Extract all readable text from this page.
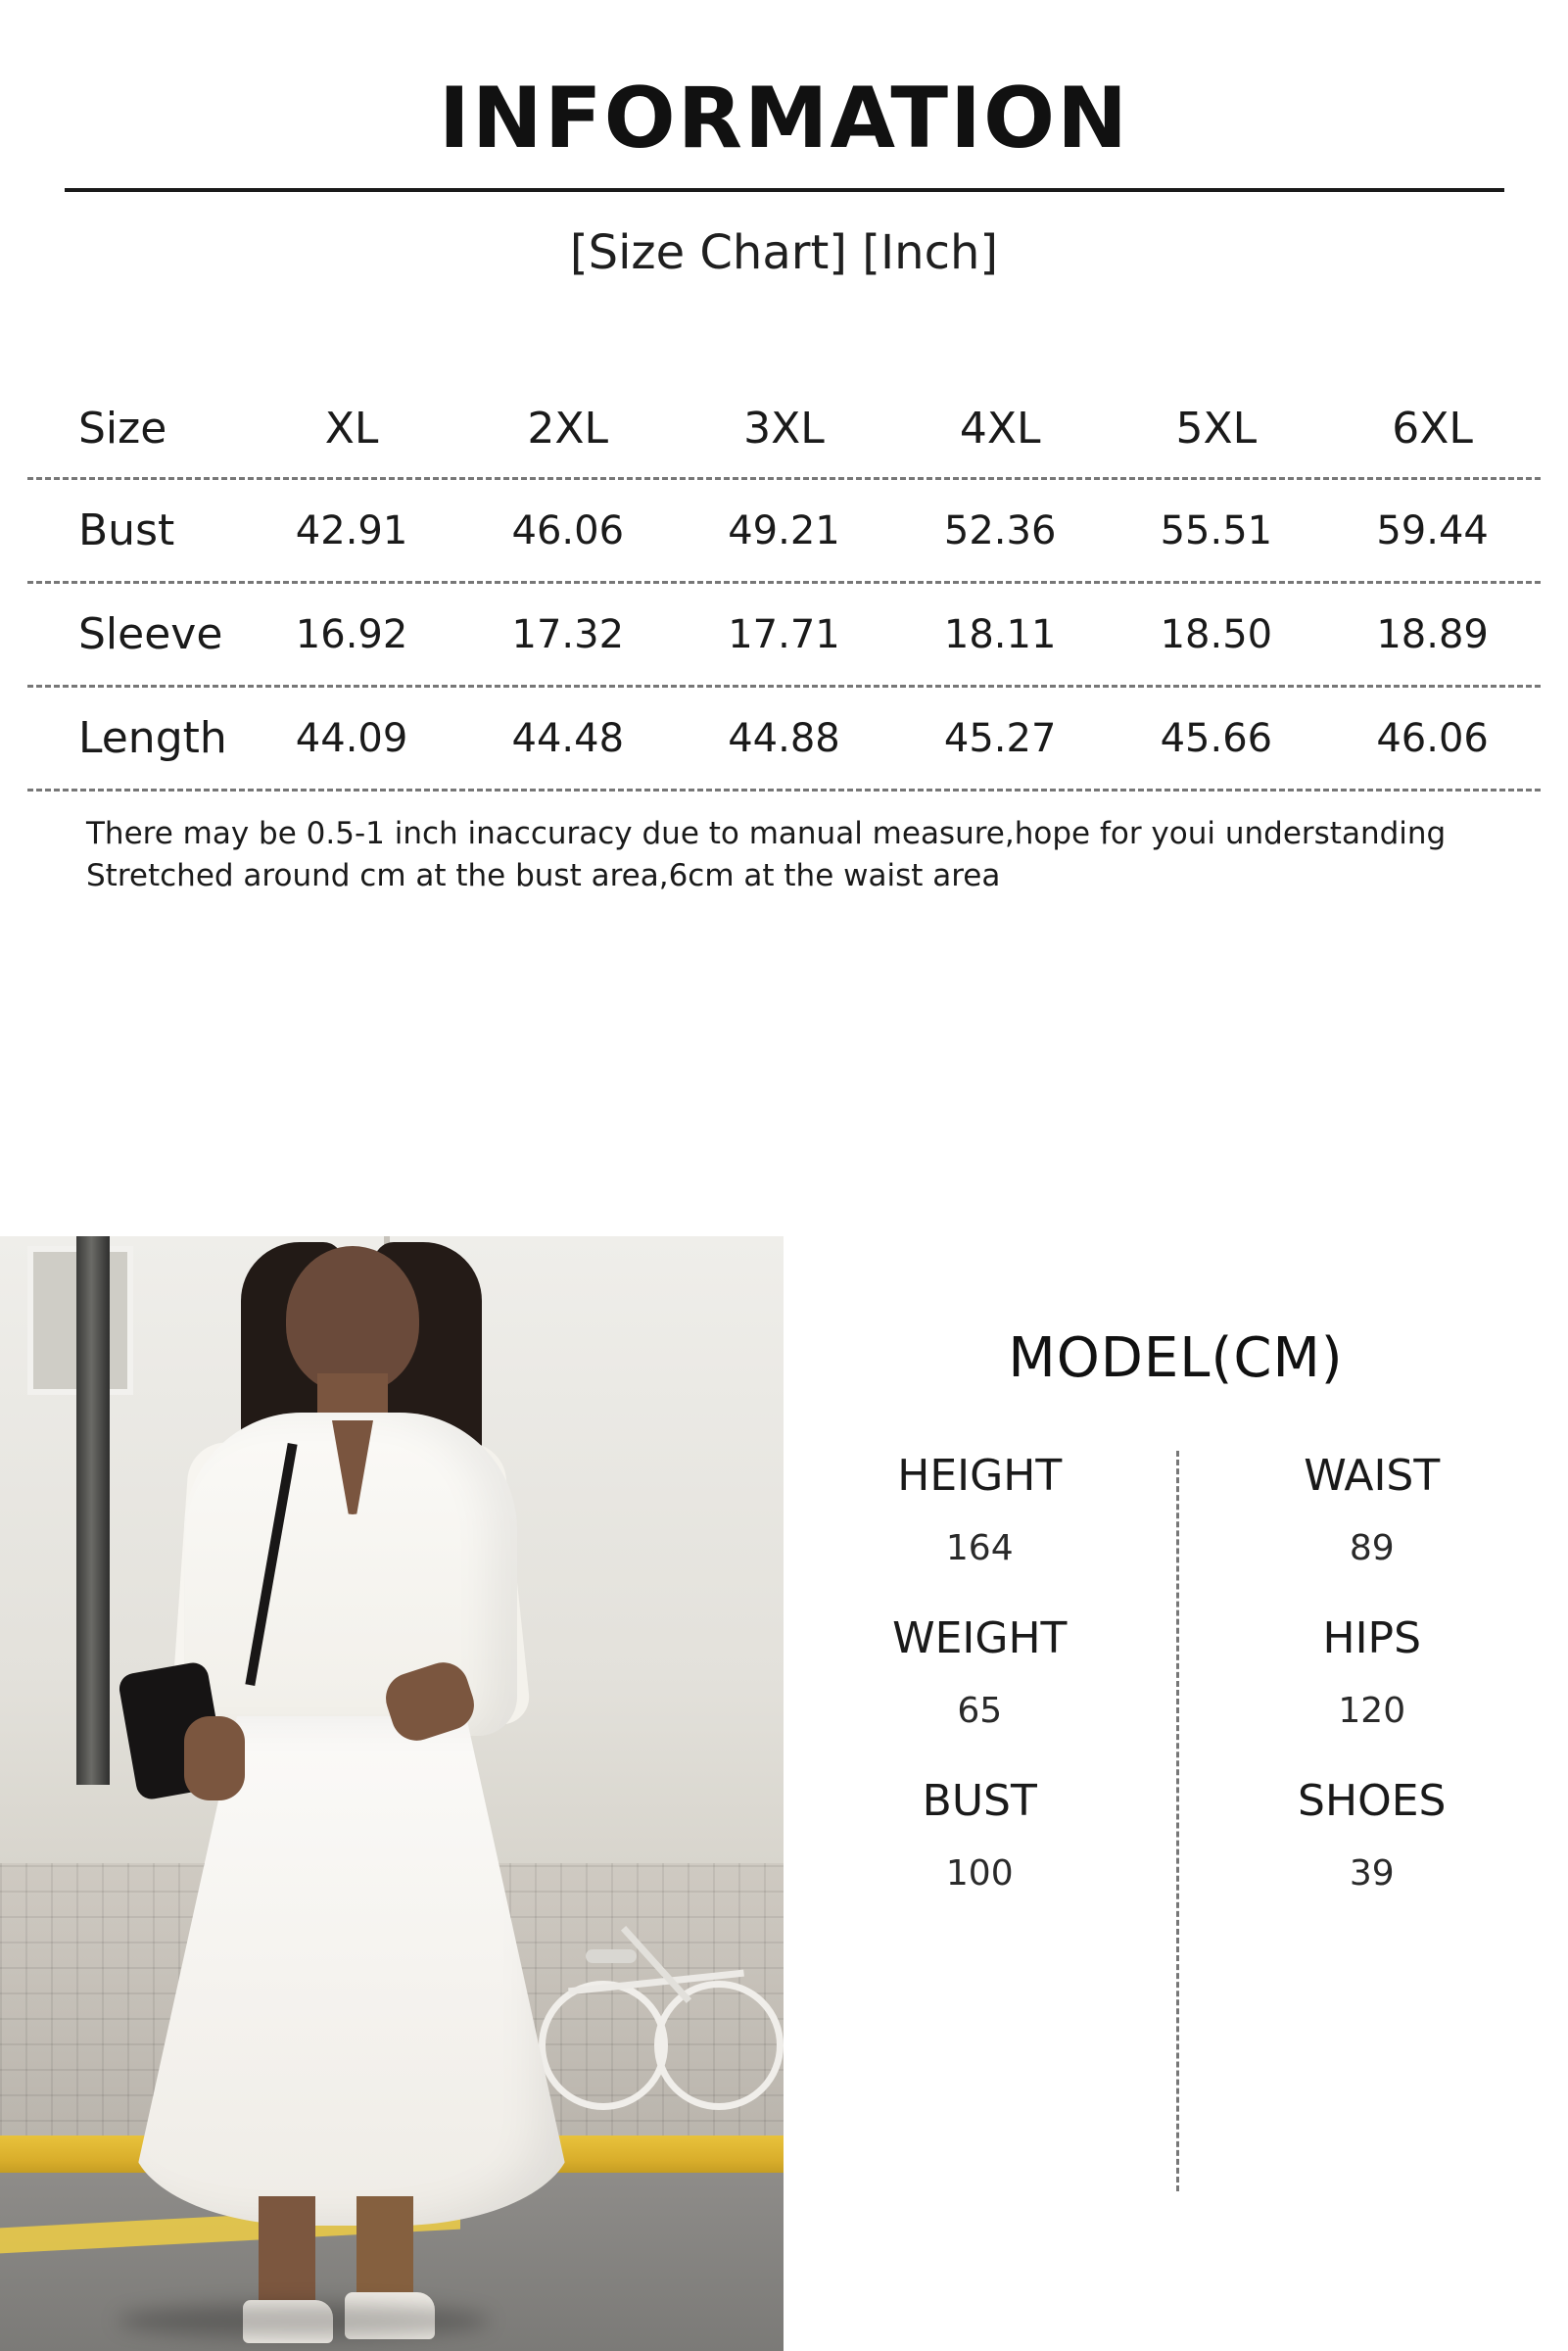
INFORMATION
[Size Chart] [Inch]
Size	XL	2XL	3XL	4XL	5XL	6XL

Bust	42.91	46.06	49.21	52.36	55.51	59.44

Sleeve	16.92	17.32	17.71	18.11	18.50	18.89

Length	44.09	44.48	44.88	45.27	45.66	46.06

There may be 0.5-1 inch inaccuracy due to manual measure,hope for youi understanding
Stretched around cm at the bust area,6cm at the waist area
MODEL(CM)
HEIGHT
164
WEIGHT
65
BUST
100
WAIST
89
HIPS
120
SHOES
39
